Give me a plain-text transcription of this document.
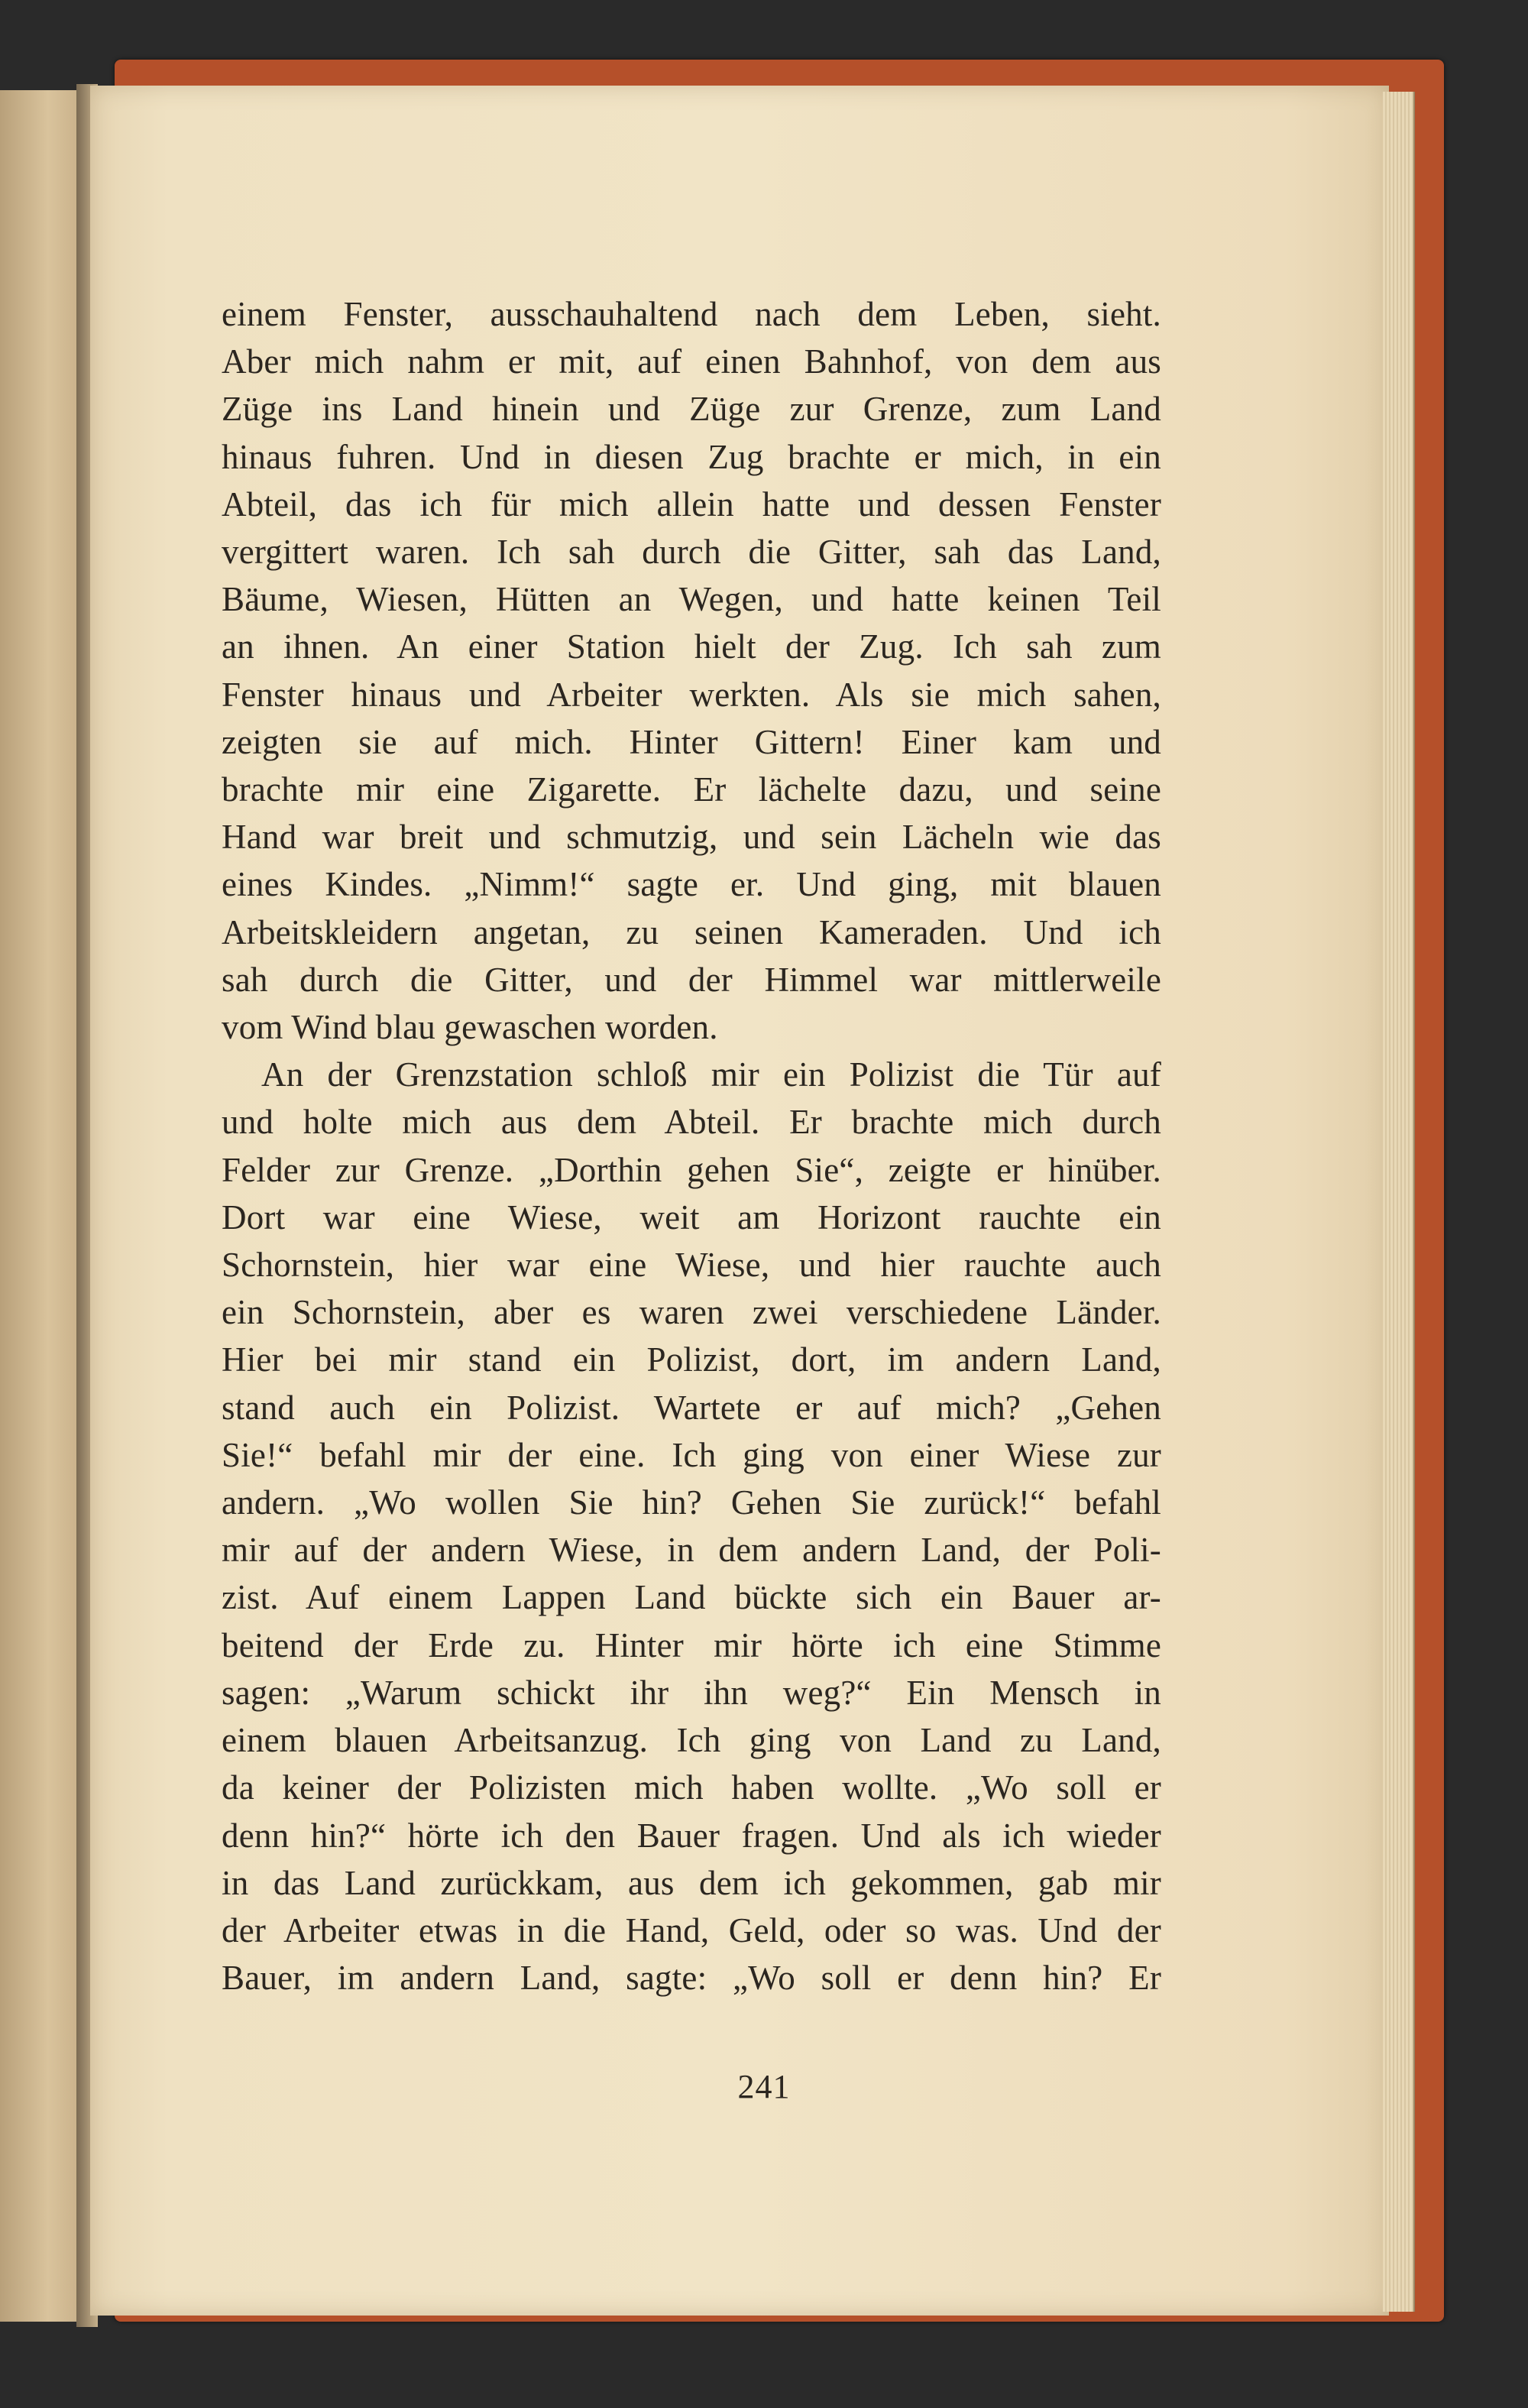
einem Fenster, ausschauhaltend nach dem Leben, sieht.
Aber mich nahm er mit, auf einen Bahnhof, von dem aus
Züge ins Land hinein und Züge zur Grenze, zum Land
hinaus fuhren. Und in diesen Zug brachte er mich, in ein
Abteil, das ich für mich allein hatte und dessen Fenster
vergittert waren. Ich sah durch die Gitter, sah das Land,
Bäume, Wiesen, Hütten an Wegen, und hatte keinen Teil
an ihnen. An einer Station hielt der Zug. Ich sah zum
Fenster hinaus und Arbeiter werkten. Als sie mich sahen,
zeigten sie auf mich. Hinter Gittern! Einer kam und
brachte mir eine Zigarette. Er lächelte dazu, und seine
Hand war breit und schmutzig, und sein Lächeln wie das
eines Kindes. „Nimm!“ sagte er. Und ging, mit blauen
Arbeitskleidern angetan, zu seinen Kameraden. Und ich
sah durch die Gitter, und der Himmel war mittlerweile
vom Wind blau gewaschen worden.
An der Grenzstation schloß mir ein Polizist die Tür auf
und holte mich aus dem Abteil. Er brachte mich durch
Felder zur Grenze. „Dorthin gehen Sie“, zeigte er hinüber.
Dort war eine Wiese, weit am Horizont rauchte ein
Schornstein, hier war eine Wiese, und hier rauchte auch
ein Schornstein, aber es waren zwei verschiedene Länder.
Hier bei mir stand ein Polizist, dort, im andern Land,
stand auch ein Polizist. Wartete er auf mich? „Gehen
Sie!“ befahl mir der eine. Ich ging von einer Wiese zur
andern. „Wo wollen Sie hin? Gehen Sie zurück!“ befahl
mir auf der andern Wiese, in dem andern Land, der Poli-
zist. Auf einem Lappen Land bückte sich ein Bauer ar-
beitend der Erde zu. Hinter mir hörte ich eine Stimme
sagen: „Warum schickt ihr ihn weg?“ Ein Mensch in
einem blauen Arbeitsanzug. Ich ging von Land zu Land,
da keiner der Polizisten mich haben wollte. „Wo soll er
denn hin?“ hörte ich den Bauer fragen. Und als ich wieder
in das Land zurückkam, aus dem ich gekommen, gab mir
der Arbeiter etwas in die Hand, Geld, oder so was. Und der
Bauer, im andern Land, sagte: „Wo soll er denn hin? Er
241
